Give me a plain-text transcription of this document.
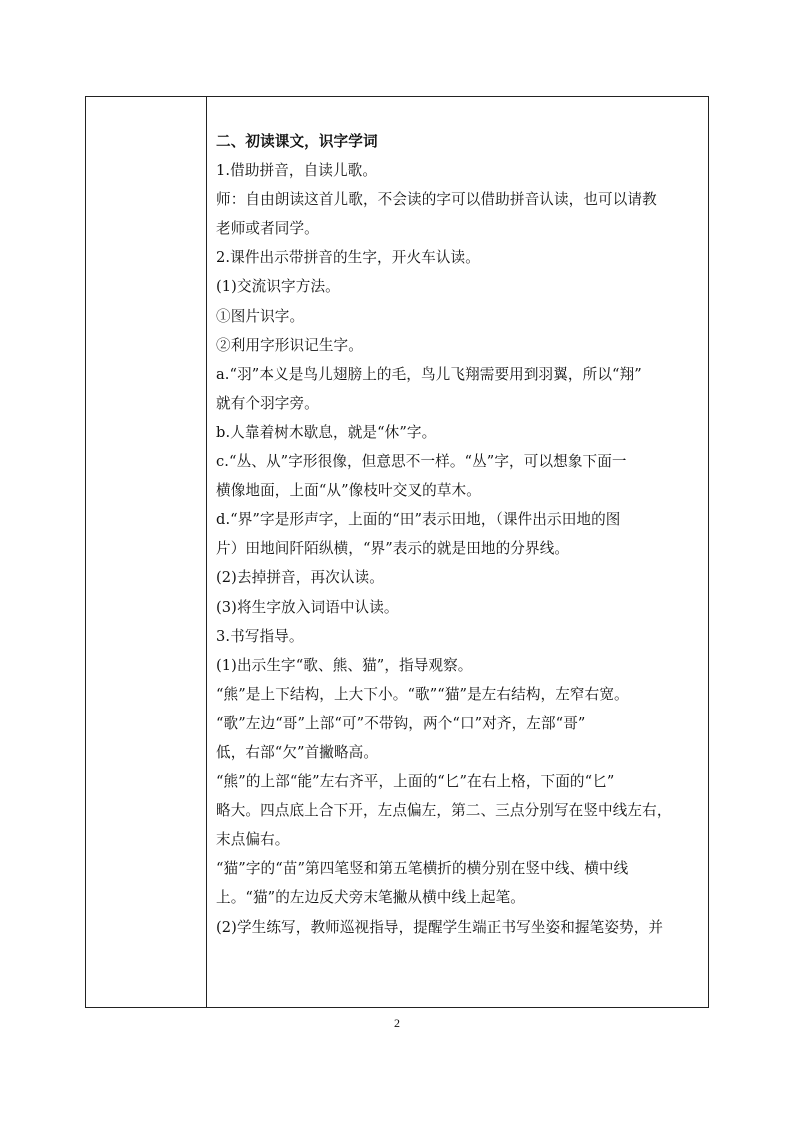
二、初读课文，识字学词
1.借助拼音，自读儿歌。
师：自由朗读这首儿歌，不会读的字可以借助拼音认读，也可以请教
老师或者同学。
2.课件出示带拼音的生字，开火车认读。
(1)交流识字方法。
①图片识字。
②利用字形识记生字。
a.“羽”本义是鸟儿翅膀上的毛，鸟儿飞翔需要用到羽翼，所以“翔”
就有个羽字旁。
b.人靠着树木歇息，就是“休”字。
c.“丛、从”字形很像，但意思不一样。“丛”字，可以想象下面一
横像地面，上面“从”像枝叶交叉的草木。
d.“界”字是形声字，上面的“田”表示田地，（课件出示田地的图
片）田地间阡陌纵横，“界”表示的就是田地的分界线。
(2)去掉拼音，再次认读。
(3)将生字放入词语中认读。
3.书写指导。
(1)出示生字“歌、熊、猫”，指导观察。
“熊”是上下结构，上大下小。“歌”“猫”是左右结构，左窄右宽。
“歌”左边“哥”上部“可”不带钩，两个“口”对齐，左部“哥”
低，右部“欠”首撇略高。
“熊”的上部“能”左右齐平，上面的“匕”在右上格，下面的“匕”
略大。四点底上合下开，左点偏左，第二、三点分别写在竖中线左右，
末点偏右。
“猫”字的“苗”第四笔竖和第五笔横折的横分别在竖中线、横中线
上。“猫”的左边反犬旁末笔撇从横中线上起笔。
(2)学生练写，教师巡视指导，提醒学生端正书写坐姿和握笔姿势，并
2
